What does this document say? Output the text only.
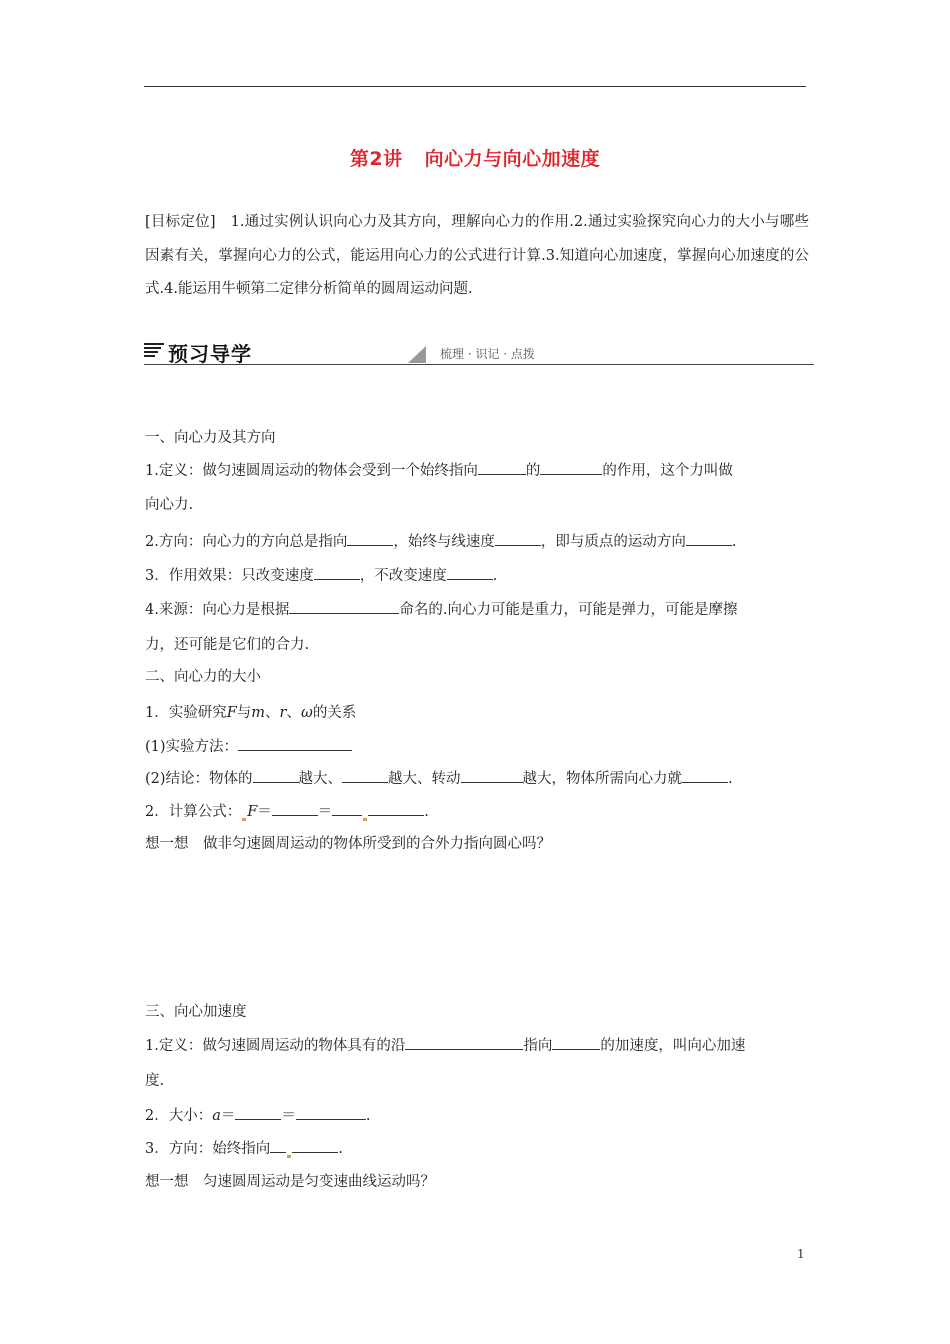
第2讲 向心力与向心加速度
[目标定位]　1.通过实例认识向心力及其方向，理解向心力的作用.2.通过实验探究向心力的大小与哪些因素有关，掌握向心力的公式，能运用向心力的公式进行计算.3.知道向心加速度，掌握向心加速度的公式.4.能运用牛顿第二定律分析简单的圆周运动问题.
预习导学	梳理 · 识记 · 点拨
一、向心力及其方向
1.定义：做匀速圆周运动的物体会受到一个始终指向	的	的作用，这个力叫做
向心力.
2.方向：向心力的方向总是指向	，始终与线速度	，即与质点的运动方向	.
3．作用效果：只改变速度	，不改变速度	.
4.来源：向心力是根据	命名的.向心力可能是重力，可能是弹力，可能是摩擦
力，还可能是它们的合力.
二、向心力的大小
1．实验研究F与m、r、ω的关系
(1)实验方法：
(2)结论：物体的	越大、	越大、转动	越大，物体所需向心力就	.
2．计算公式： F＝	＝	.
想一想　做非匀速圆周运动的物体所受到的合外力指向圆心吗？
三、向心加速度
1.定义：做匀速圆周运动的物体具有的沿	指向	的加速度，叫向心加速
度.
2．大小：a＝	＝	.
3．方向：始终指向	.
想一想　匀速圆周运动是匀变速曲线运动吗？
1
